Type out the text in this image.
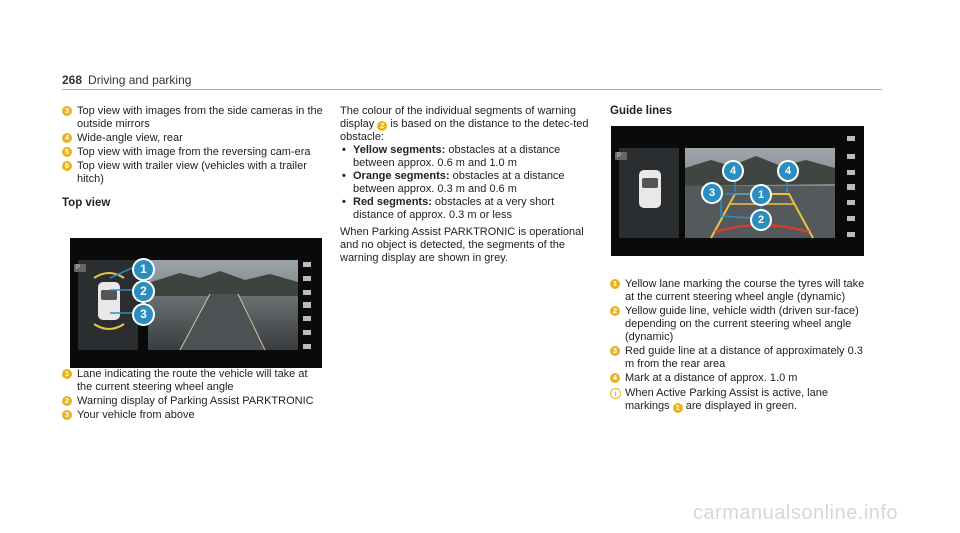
268 Driving and parking
3 Top view with images from the side cameras in the outside mirrors
4 Wide-angle view, rear
5 Top view with image from the reversing cam-era
6 Top view with trailer view (vehicles with a trailer hitch)
Top view
1 Lane indicating the route the vehicle will take at the current steering wheel angle
2 Warning display of Parking Assist PARKTRONIC
3 Your vehicle from above
1
2
3
P
The colour of the individual segments of warning display 2 is based on the distance to the detec-ted obstacle:
• Yellow segments: obstacles at a distance between approx. 0.6 m and 1.0 m
• Orange segments: obstacles at a distance between approx. 0.3 m and 0.6 m
• Red segments: obstacles at a very short distance of approx. 0.3 m or less
When Parking Assist PARKTRONIC is operational and no object is detected, the segments of the warning display are shown in grey.
Guide lines
1 Yellow lane marking the course the tyres will take at the current steering wheel angle (dynamic)
2 Yellow guide line, vehicle width (driven sur-face) depending on the current steering wheel angle (dynamic)
3 Red guide line at a distance of approximately 0.3 m from the rear area
4 Mark at a distance of approx. 1.0 m
i When Active Parking Assist is active, lane markings 1 are displayed in green.
4	4
3	1
2
P
carmanualsonline.info
